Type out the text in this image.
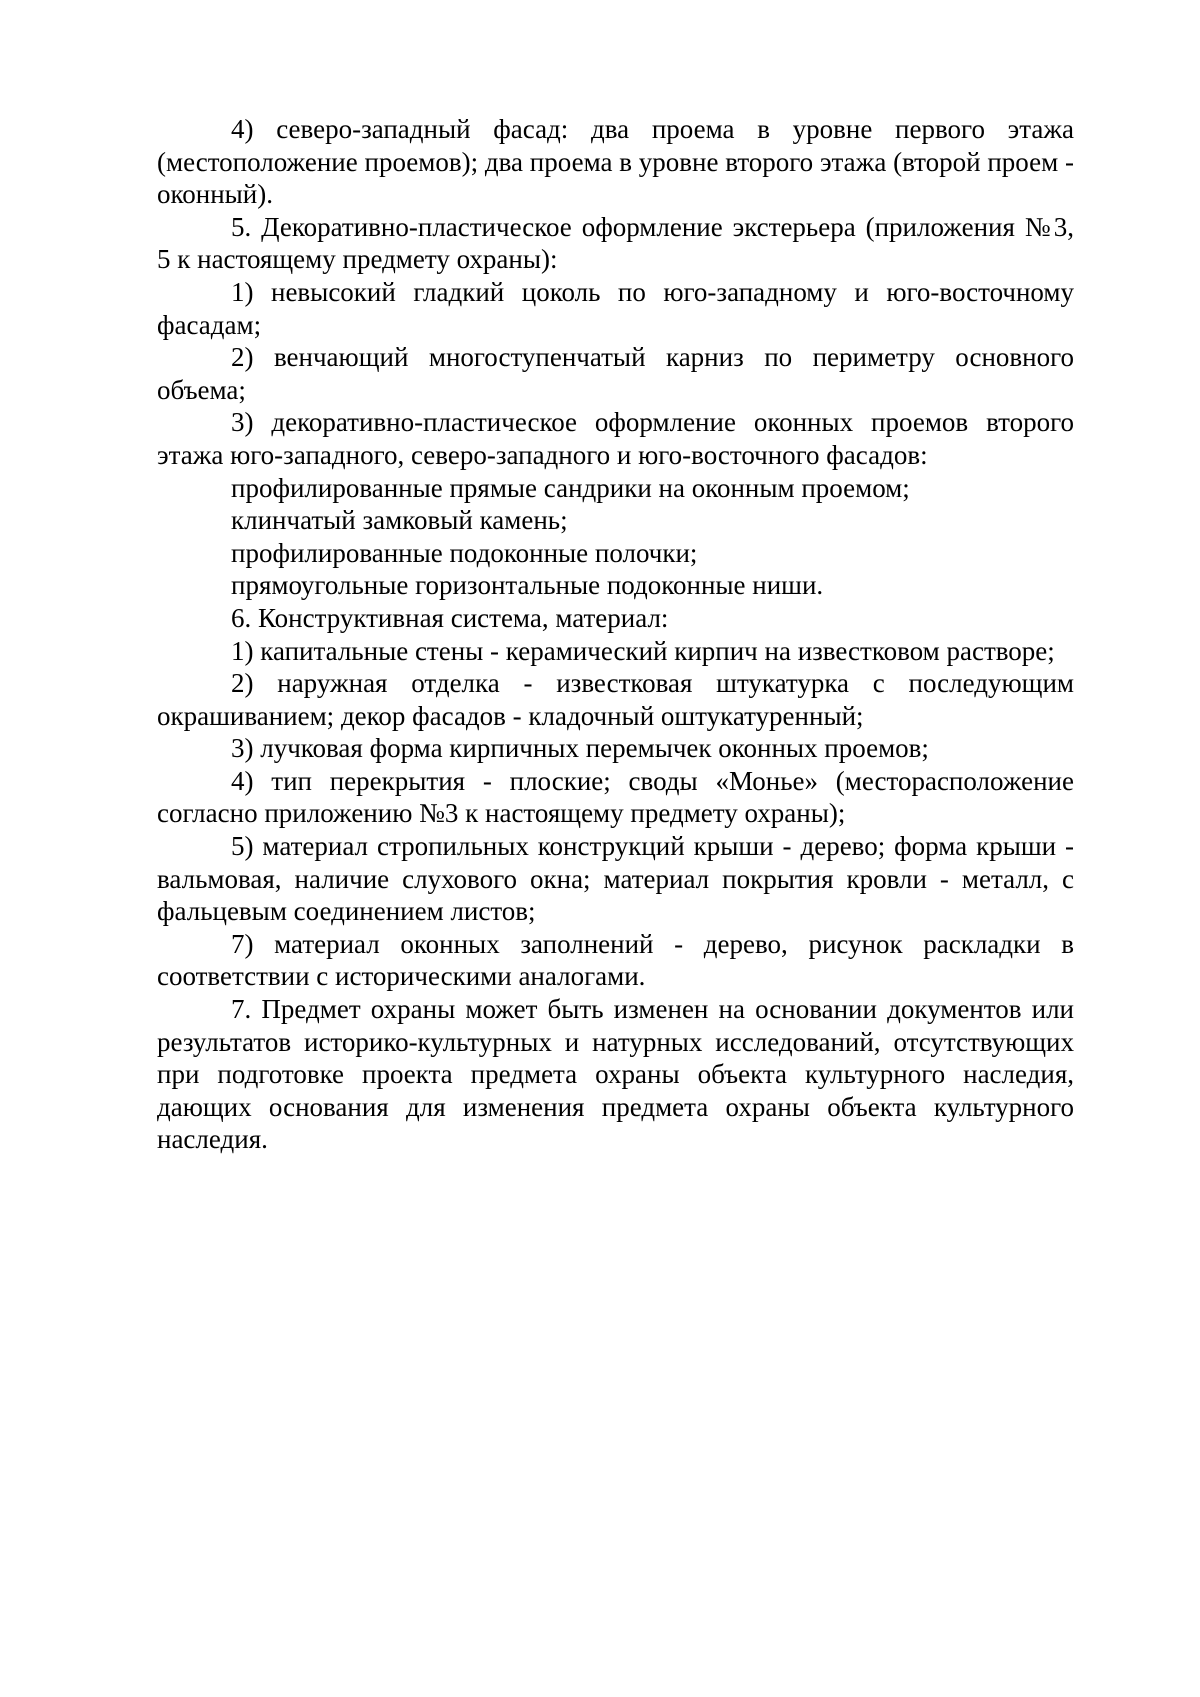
4) северо-западный фасад: два проема в уровне первого этажа (местоположение проемов); два проема в уровне второго этажа (второй проем - оконный).

5. Декоративно-пластическое оформление экстерьера (приложения №3, 5 к настоящему предмету охраны):

1) невысокий гладкий цоколь по юго-западному и юго-восточному фасадам;

2) венчающий многоступенчатый карниз по периметру основного объема;

3) декоративно-пластическое оформление оконных проемов второго этажа юго-западного, северо-западного и юго-восточного фасадов:

профилированные прямые сандрики на оконным проемом;

клинчатый замковый камень;

профилированные подоконные полочки;

прямоугольные горизонтальные подоконные ниши.

6. Конструктивная система, материал:

1) капитальные стены - керамический кирпич на известковом растворе;

2) наружная отделка - известковая штукатурка с последующим окрашиванием; декор фасадов - кладочный оштукатуренный;

3) лучковая форма кирпичных перемычек оконных проемов;

4) тип перекрытия - плоские; своды «Монье» (месторасположение согласно приложению №3 к настоящему предмету охраны);

5) материал стропильных конструкций крыши - дерево; форма крыши - вальмовая, наличие слухового окна; материал покрытия кровли - металл, с фальцевым соединением листов;

7) материал оконных заполнений - дерево, рисунок раскладки в соответствии с историческими аналогами.

7. Предмет охраны может быть изменен на основании документов или результатов историко-культурных и натурных исследований, отсутствующих при подготовке проекта предмета охраны объекта культурного наследия, дающих основания для изменения предмета охраны объекта культурного наследия.
